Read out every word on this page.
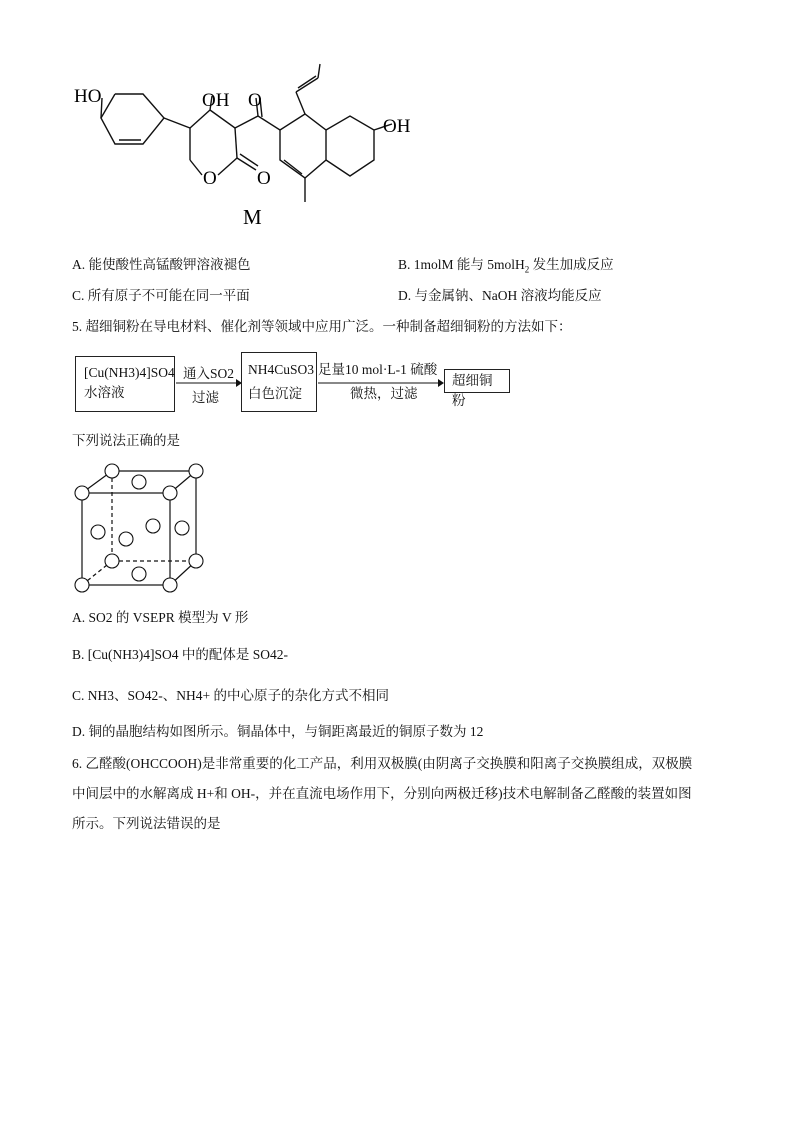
HO	OH O
O O
OH
M
A. 能使酸性高锰酸钾溶液褪色	B. 1molM 能与 5molH$_2$ 发生加成反应
C. 所有原子不可能在同一平面	D. 与金属钠、NaOH 溶液均能反应
5. 超细铜粉在导电材料、催化剂等领域中应用广泛。一种制备超细铜粉的方法如下：
[Cu(NH3)4]SO4
水溶液
通入SO2
过滤
NH4CuSO3
白色沉淀
足量10 mol·L-1 硫酸
微热，过滤
超细铜粉
下列说法正确的是
A. SO2 的 VSEPR 模型为 V 形
B. [Cu(NH3)4]SO4 中的配体是 SO42-
C. NH3、SO42-、NH4+ 的中心原子的杂化方式不相同
D. 铜的晶胞结构如图所示。铜晶体中，与铜距离最近的铜原子数为 12
6. 乙醛酸(OHCCOOH)是非常重要的化工产品，利用双极膜(由阴离子交换膜和阳离子交换膜组成，双极膜
中间层中的水解离成 H+和 OH-，并在直流电场作用下，分别向两极迁移)技术电解制备乙醛酸的装置如图
所示。下列说法错误的是
